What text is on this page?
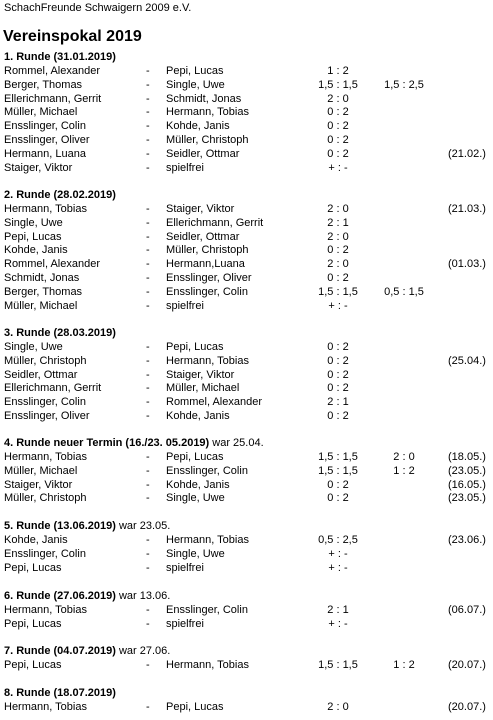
SchachFreunde Schwaigern 2009 e.V.
Vereinspokal 2019
1. Runde (31.01.2019)
Rommel, Alexander	- Pepi, Lucas	1 : 2
Berger, Thomas	- Single, Uwe	1,5 : 1,5	1,5 : 2,5
Ellerichmann, Gerrit	- Schmidt, Jonas	2 : 0
Müller, Michael	- Hermann, Tobias	0 : 2
Ensslinger, Colin	- Kohde, Janis	0 : 2
Ensslinger, Oliver	- Müller, Christoph	0 : 2
Hermann, Luana	- Seidler, Ottmar	0 : 2	(21.02.)
Staiger, Viktor	- spielfrei	+ : -
2. Runde (28.02.2019)
Hermann, Tobias	- Staiger, Viktor	2 : 0	(21.03.)
Single, Uwe	- Ellerichmann, Gerrit	2 : 1
Pepi, Lucas	- Seidler, Ottmar	2 : 0
Kohde, Janis	- Müller, Christoph	0 : 2
Rommel, Alexander	- Hermann,Luana	2 : 0	(01.03.)
Schmidt, Jonas	- Ensslinger, Oliver	0 : 2
Berger, Thomas	- Ensslinger, Colin	1,5 : 1,5	0,5 : 1,5
Müller, Michael	- spielfrei	+ : -
3. Runde (28.03.2019)
Single, Uwe	- Pepi, Lucas	0 : 2
Müller, Christoph	- Hermann, Tobias	0 : 2	(25.04.)
Seidler, Ottmar	- Staiger, Viktor	0 : 2
Ellerichmann, Gerrit	- Müller, Michael	0 : 2
Ensslinger, Colin	- Rommel, Alexander	2 : 1
Ensslinger, Oliver	- Kohde, Janis	0 : 2
4. Runde neuer Termin (16./23. 05.2019) war 25.04.
Hermann, Tobias	- Pepi, Lucas	1,5 : 1,5	2 : 0	(18.05.)
Müller, Michael	- Ensslinger, Colin	1,5 : 1,5	1 : 2	(23.05.)
Staiger, Viktor	- Kohde, Janis	0 : 2	(16.05.)
Müller, Christoph	- Single, Uwe	0 : 2	(23.05.)
5. Runde (13.06.2019) war 23.05.
Kohde, Janis	- Hermann, Tobias	0,5 : 2,5	(23.06.)
Ensslinger, Colin	- Single, Uwe	+ : -
Pepi, Lucas	- spielfrei	+ : -
6. Runde (27.06.2019) war 13.06.
Hermann, Tobias	- Ensslinger, Colin	2 : 1	(06.07.)
Pepi, Lucas	- spielfrei	+ : -
7. Runde (04.07.2019) war 27.06.
Pepi, Lucas	- Hermann, Tobias	1,5 : 1,5	1 : 2	(20.07.)
8. Runde (18.07.2019)
Hermann, Tobias	- Pepi, Lucas	2 : 0	(20.07.)
